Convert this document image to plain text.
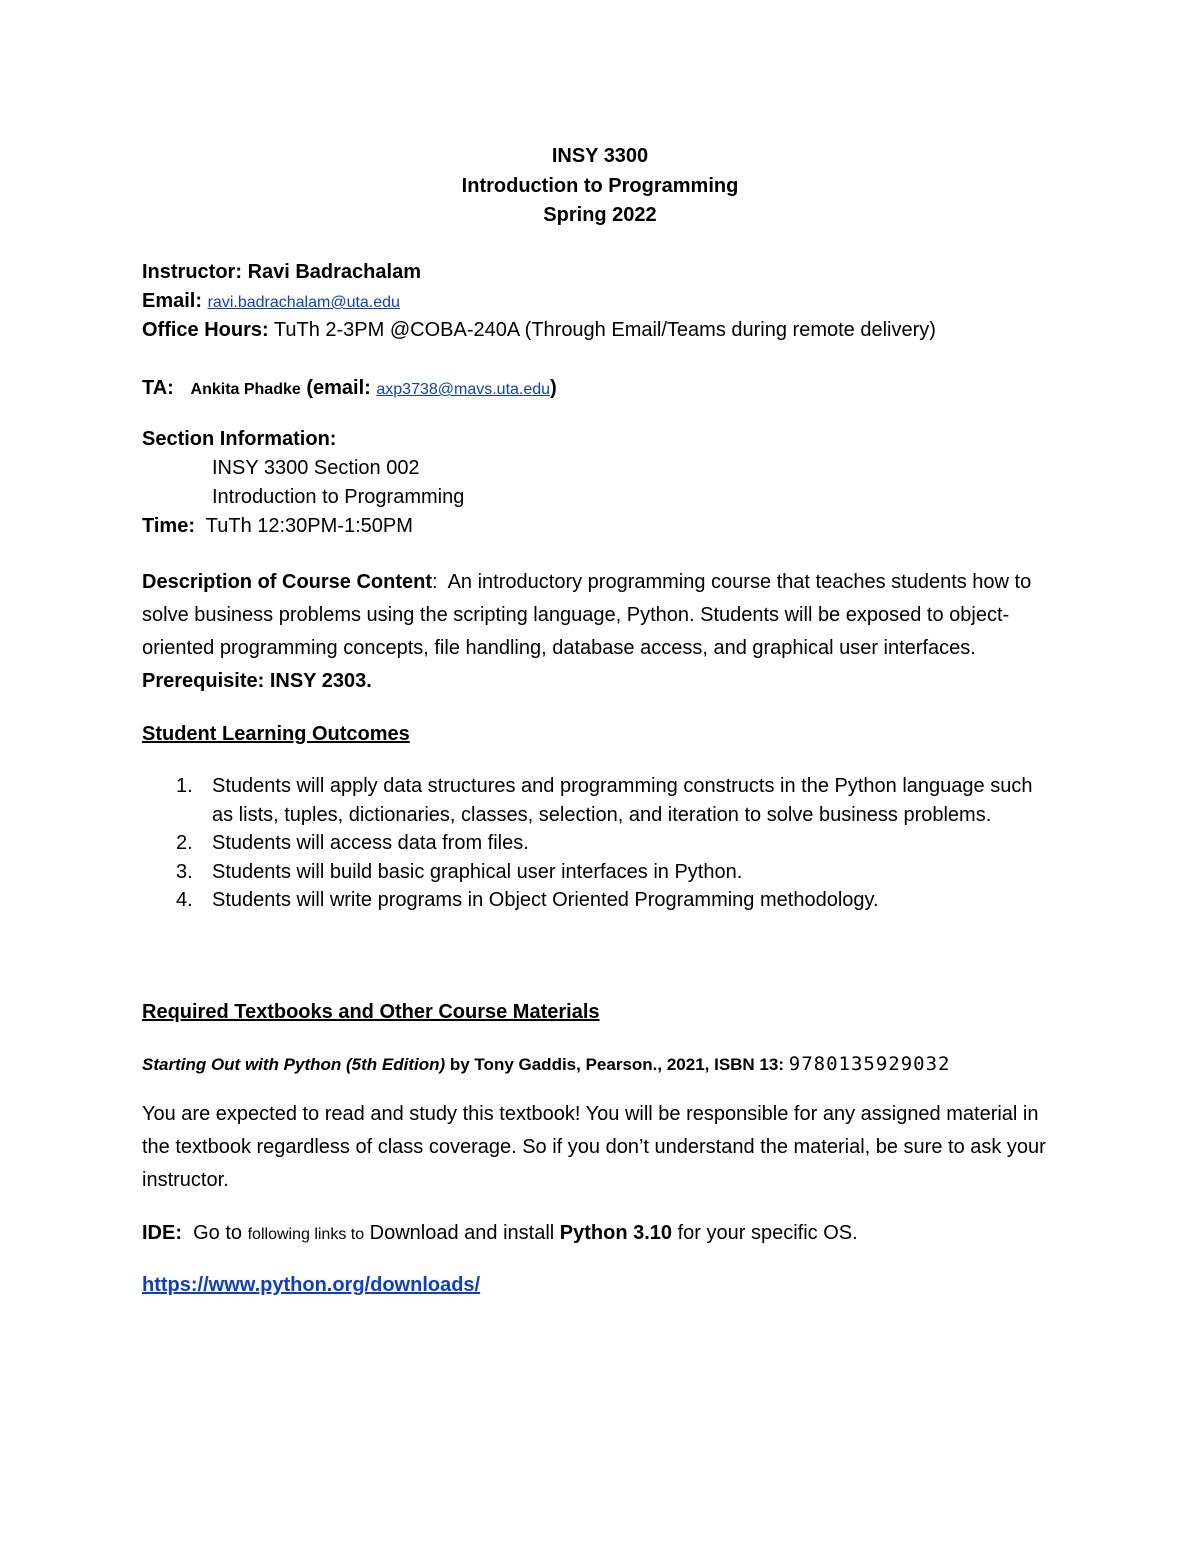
INSY 3300
Introduction to Programming
Spring 2022
Instructor: Ravi Badrachalam
Email: ravi.badrachalam@uta.edu
Office Hours: TuTh 2-3PM @COBA-240A (Through Email/Teams during remote delivery)
TA: Ankita Phadke (email: axp3738@mavs.uta.edu)
Section Information:
INSY 3300 Section 002
Introduction to Programming
Time: TuTh 12:30PM-1:50PM
Description of Course Content: An introductory programming course that teaches students how to solve business problems using the scripting language, Python. Students will be exposed to object-oriented programming concepts, file handling, database access, and graphical user interfaces.  Prerequisite: INSY 2303.
Student Learning Outcomes
1. Students will apply data structures and programming constructs in the Python language such as lists, tuples, dictionaries, classes, selection, and iteration to solve business problems.
2. Students will access data from files.
3. Students will build basic graphical user interfaces in Python.
4. Students will write programs in Object Oriented Programming methodology.
Required Textbooks and Other Course Materials
Starting Out with Python (5th Edition) by Tony Gaddis, Pearson., 2021, ISBN 13: 9780135929032
You are expected to read and study this textbook! You will be responsible for any assigned material in the textbook regardless of class coverage. So if you don’t understand the material, be sure to ask your instructor.
IDE: Go to following links to Download and install Python 3.10 for your specific OS.
https://www.python.org/downloads/
